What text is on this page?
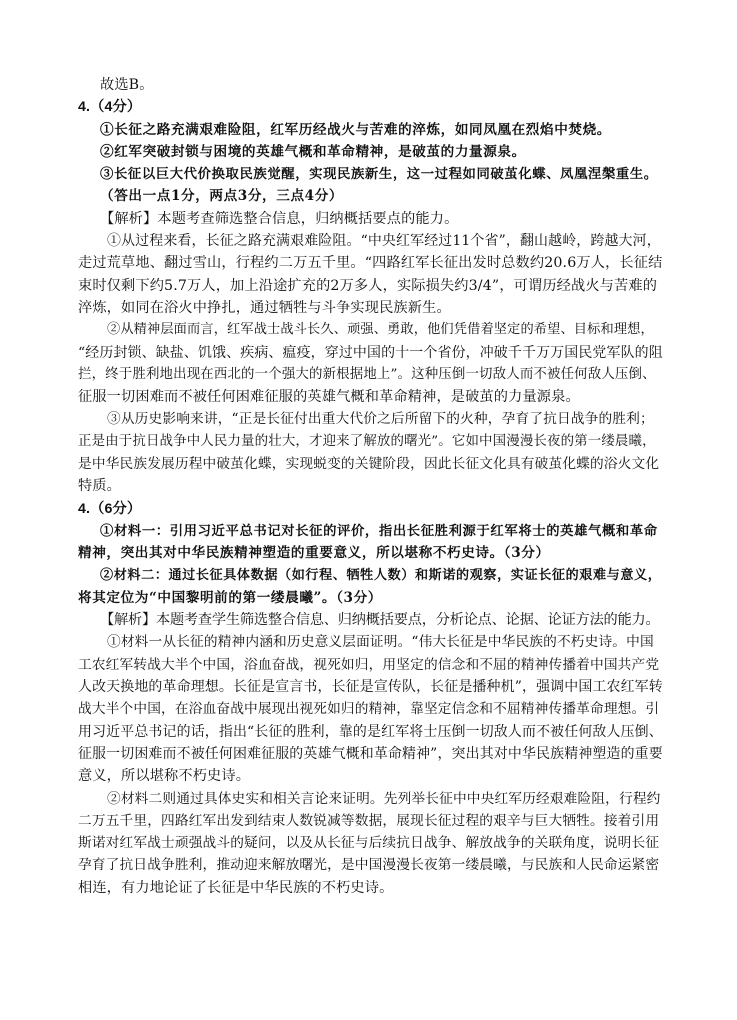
故选B。
4.（4分）
①长征之路充满艰难险阻，红军历经战火与苦难的淬炼，如同凤凰在烈焰中焚烧。
②红军突破封锁与困境的英雄气概和革命精神，是破茧的力量源泉。
③长征以巨大代价换取民族觉醒，实现民族新生，这一过程如同破茧化蝶、凤凰涅槃重生。
（答出一点1分，两点3分，三点4分）
【解析】本题考查筛选整合信息，归纳概括要点的能力。
①从过程来看，长征之路充满艰难险阻。“中央红军经过11个省”，翻山越岭，跨越大河，
走过荒草地、翻过雪山，行程约二万五千里。“四路红军长征出发时总数约20.6万人，长征结
束时仅剩下约5.7万人，加上沿途扩充的2万多人，实际损失约3/4”，可谓历经战火与苦难的
淬炼，如同在浴火中挣扎，通过牺牲与斗争实现民族新生。
②从精神层面而言，红军战士战斗长久、顽强、勇敢，他们凭借着坚定的希望、目标和理想，
“经历封锁、缺盐、饥饿、疾病、瘟疫，穿过中国的十一个省份，冲破千千万万国民党军队的阻
拦，终于胜利地出现在西北的一个强大的新根据地上”。这种压倒一切敌人而不被任何敌人压倒、
征服一切困难而不被任何困难征服的英雄气概和革命精神，是破茧的力量源泉。
③从历史影响来讲，“正是长征付出重大代价之后所留下的火种，孕育了抗日战争的胜利；
正是由于抗日战争中人民力量的壮大，才迎来了解放的曙光”。它如中国漫漫长夜的第一缕晨曦，
是中华民族发展历程中破茧化蝶，实现蜕变的关键阶段，因此长征文化具有破茧化蝶的浴火文化
特质。
4.（6分）
①材料一：引用习近平总书记对长征的评价，指出长征胜利源于红军将士的英雄气概和革命
精神，突出其对中华民族精神塑造的重要意义，所以堪称不朽史诗。（3分）
②材料二：通过长征具体数据（如行程、牺牲人数）和斯诺的观察，实证长征的艰难与意义，
将其定位为“中国黎明前的第一缕晨曦”。（3分）
【解析】本题考查学生筛选整合信息、归纳概括要点，分析论点、论据、论证方法的能力。
①材料一从长征的精神内涵和历史意义层面证明。“伟大长征是中华民族的不朽史诗。中国
工农红军转战大半个中国，浴血奋战，视死如归，用坚定的信念和不屈的精神传播着中国共产党
人改天换地的革命理想。长征是宣言书，长征是宣传队，长征是播种机”，强调中国工农红军转
战大半个中国，在浴血奋战中展现出视死如归的精神，靠坚定信念和不屈精神传播革命理想。引
用习近平总书记的话，指出“长征的胜利，靠的是红军将士压倒一切敌人而不被任何敌人压倒、
征服一切困难而不被任何困难征服的英雄气概和革命精神”，突出其对中华民族精神塑造的重要
意义，所以堪称不朽史诗。
②材料二则通过具体史实和相关言论来证明。先列举长征中中央红军历经艰难险阻，行程约
二万五千里，四路红军出发到结束人数锐减等数据，展现长征过程的艰辛与巨大牺牲。接着引用
斯诺对红军战士顽强战斗的疑问，以及从长征与后续抗日战争、解放战争的关联角度，说明长征
孕育了抗日战争胜利，推动迎来解放曙光，是中国漫漫长夜第一缕晨曦，与民族和人民命运紧密
相连，有力地论证了长征是中华民族的不朽史诗。
